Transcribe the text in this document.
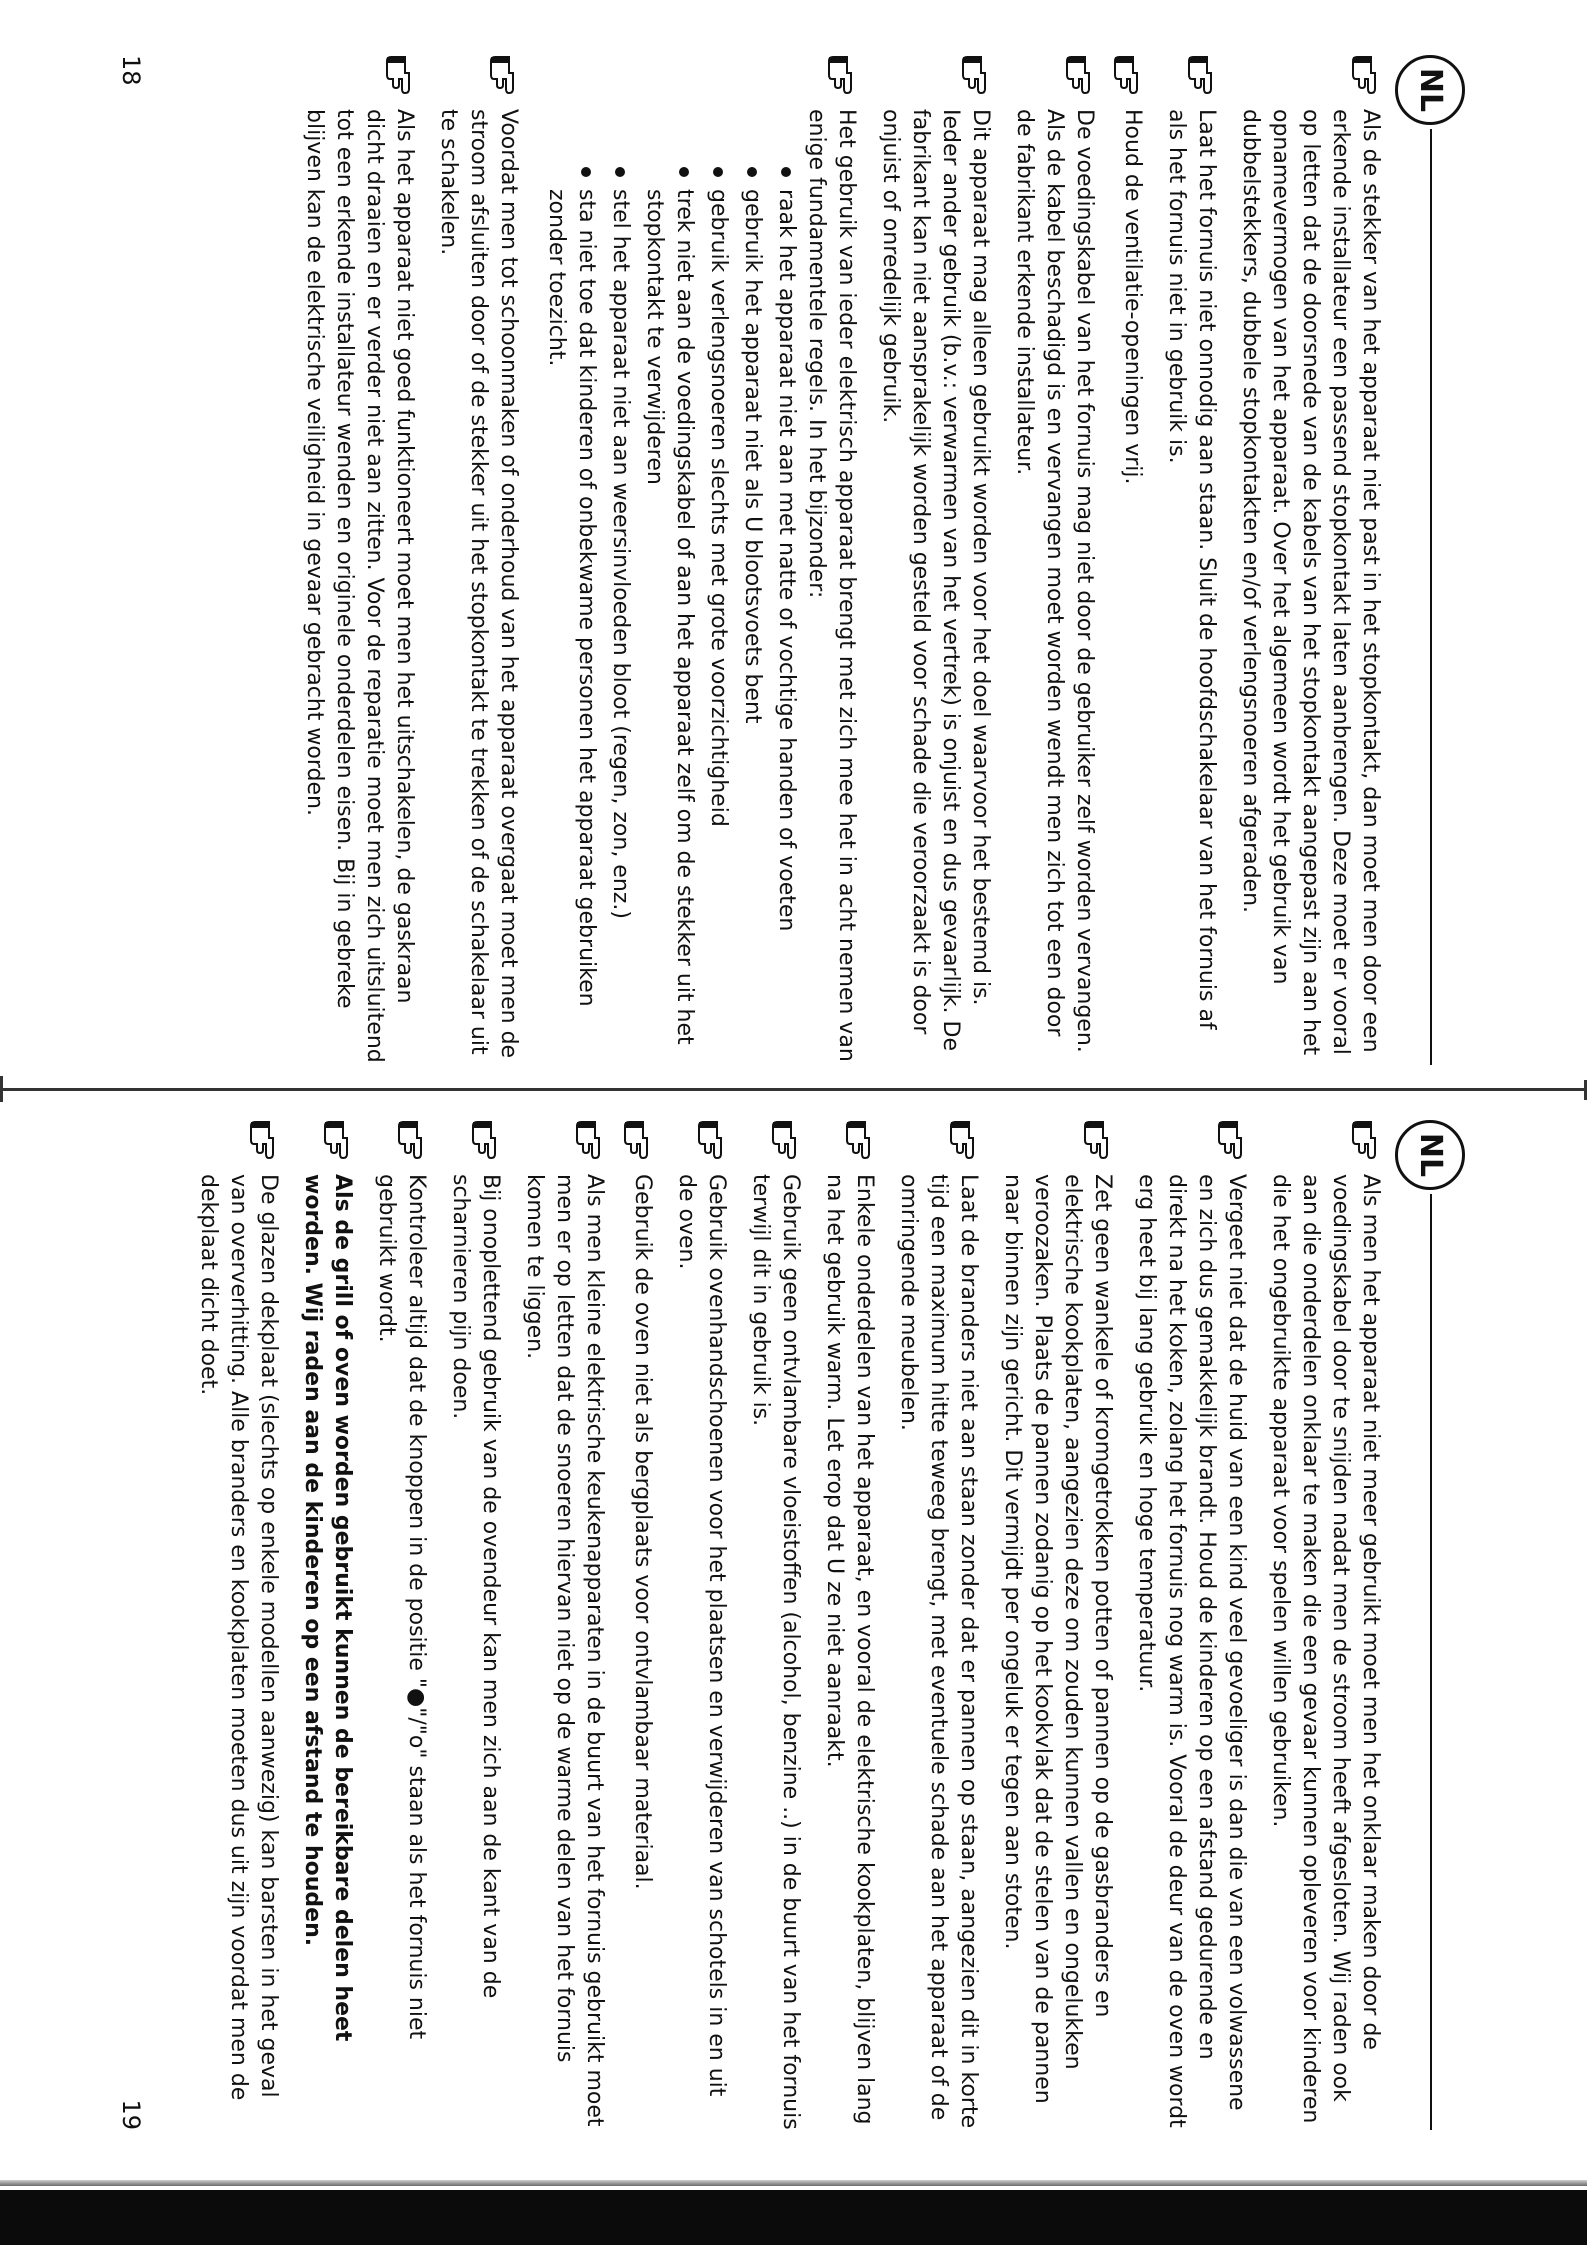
NL
Als de stekker van het apparaat niet past in het stopkontakt, dan moet men door een erkende installateur een passend stopkontakt laten aanbrengen. Deze moet er vooral op letten dat de doorsnede van de kabels van het stopkontakt aangepast zijn aan het opnamevermogen van het apparaat. Over het algemeen wordt het gebruik van dubbelstekkers, dubbele stopkontakten en/of verlengsnoeren afgeraden.
Laat het fornuis niet onnodig aan staan. Sluit de hoofdschakelaar van het fornuis af als het fornuis niet in gebruik is.
Houd de ventilatie-openingen vrij.
De voedingskabel van het fornuis mag niet door de gebruiker zelf worden vervangen. Als de kabel beschadigd is en vervangen moet worden wendt men zich tot een door de fabrikant erkende installateur.
Dit apparaat mag alleen gebruikt worden voor het doel waarvoor het bestemd is. Ieder ander gebruik (b.v.: verwarmen van het vertrek) is onjuist en dus gevaarlijk. De fabrikant kan niet aansprakelijk worden gesteld voor schade die veroorzaakt is door onjuist of onredelijk gebruik.
Het gebruik van ieder elektrisch apparaat brengt met zich mee het in acht nemen van enige fundamentele regels. In het bijzonder:
raak het apparaat niet aan met natte of vochtige handen of voeten
gebruik het apparaat niet als U blootsvoets bent
gebruik verlengsnoeren slechts met grote voorzichtigheid
trek niet aan de voedingskabel of aan het apparaat zelf om de stekker uit het stopkontakt te verwijderen
stel het apparaat niet aan weersinvloeden bloot (regen, zon, enz.)
sta niet toe dat kinderen of onbekwame personen het apparaat gebruiken zonder toezicht.
Voordat men tot schoonmaken of onderhoud van het apparaat overgaat moet men de stroom afsluiten door of de stekker uit het stopkontakt te trekken of de schakelaar uit te schakelen.
Als het apparaat niet goed funktioneert moet men het uitschakelen, de gaskraan dicht draaien en er verder niet aan zitten. Voor de reparatie moet men zich uitsluitend tot een erkende installateur wenden en originele onderdelen eisen. Bij in gebreke blijven kan de elektrische veiligheid in gevaar gebracht worden.
18
NL
Als men het apparaat niet meer gebruikt moet men het onklaar maken door de voedingskabel door te snijden nadat men de stroom heeft afgesloten. Wij raden ook aan die onderdelen onklaar te maken die een gevaar kunnen opleveren voor kinderen die het ongebruikte apparaat voor spelen willen gebruiken.
Vergeet niet dat de huid van een kind veel gevoeliger is dan die van een volwassene en zich dus gemakkelijk brandt. Houd de kinderen op een afstand gedurende en direkt na het koken, zolang het fornuis nog warm is. Vooral de deur van de oven wordt erg heet bij lang gebruik en hoge temperatuur.
Zet geen wankele of kromgetrokken potten of pannen op de gasbranders en elektrische kookplaten, aangezien deze om zouden kunnen vallen en ongelukken veroozaken. Plaats de pannen zodanig op het kookvlak dat de stelen van de pannen naar binnen zijn gericht. Dit vermijdt per ongeluk er tegen aan stoten.
Laat de branders niet aan staan zonder dat er pannen op staan, aangezien dit in korte tijd een maximum hitte teweeg brengt, met eventuele schade aan het apparaat of de omringende meubelen.
Enkele onderdelen van het apparaat, en vooral de elektrische kookplaten, blijven lang na het gebruik warm. Let erop dat U ze niet aanraakt.
Gebruik geen ontvlambare vloeistoffen (alcohol, benzine ..) in de buurt van het fornuis terwijl dit in gebruik is.
Gebruik ovenhandschoenen voor het plaatsen en verwijderen van schotels in en uit de oven.
Gebruik de oven niet als bergplaats voor ontvlambaar materiaal.
Als men kleine elektrische keukenapparaten in de buurt van het fornuis gebruikt moet men er op letten dat de snoeren hiervan niet op de warme delen van het fornuis komen te liggen.
Bij onoplettend gebruik van de ovendeur kan men zich aan de kant van de scharnieren pijn doen.
Kontroleer altijd dat de knoppen in de positie "●"/"o" staan als het fornuis niet gebruikt wordt.
Als de grill of oven worden gebruikt kunnen de bereikbare delen heet worden. Wij raden aan de kinderen op een afstand te houden.
De glazen dekplaat (slechts op enkele modellen aanwezig) kan barsten in het geval van oververhitting. Alle branders en kookplaten moeten dus uit zijn voordat men de dekplaat dicht doet.
19
